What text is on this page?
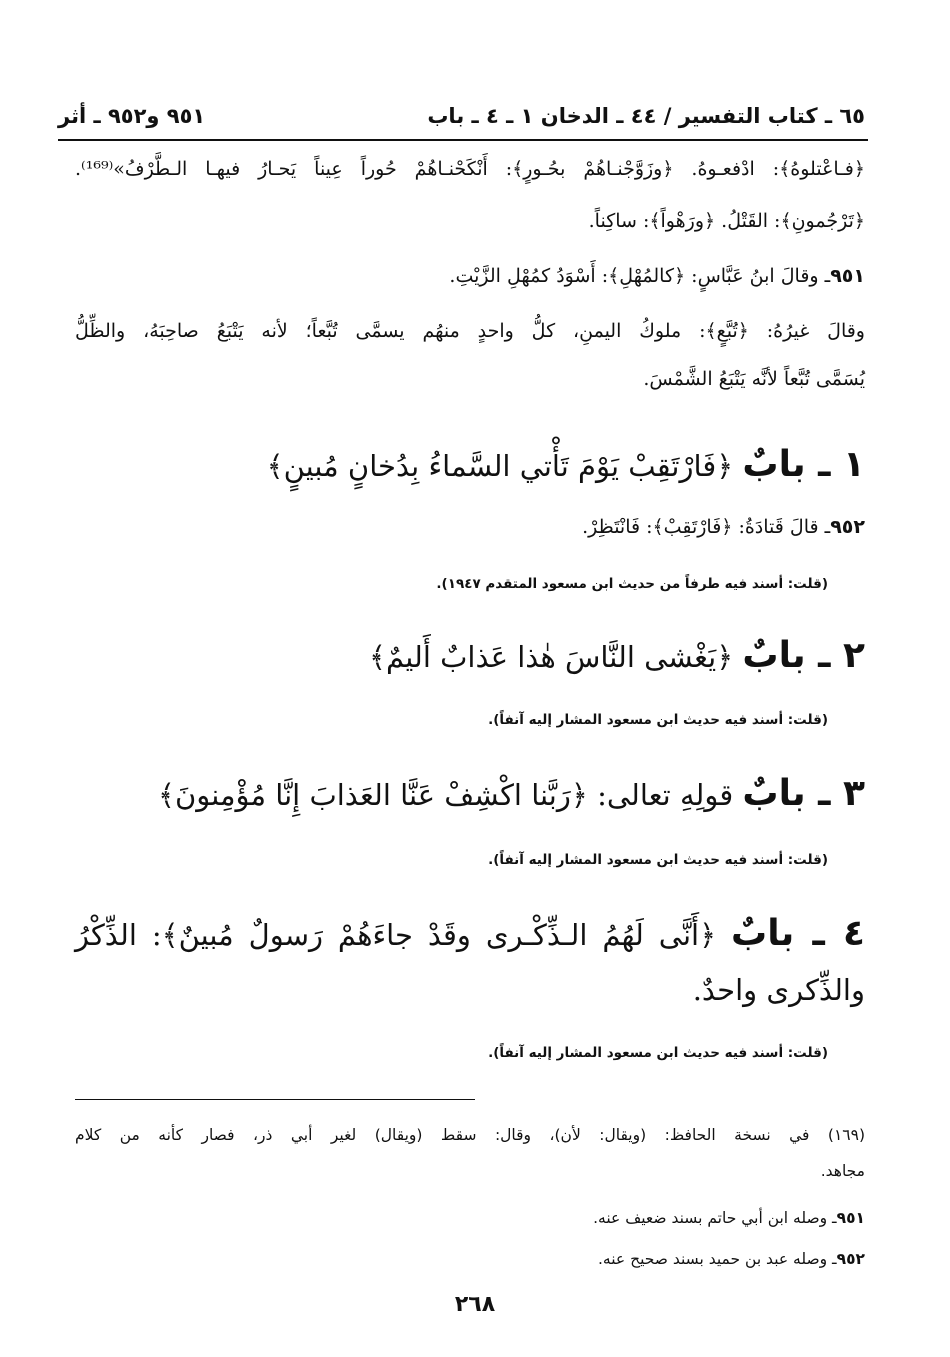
٦٥ ـ كتاب التفسير / ٤٤ ـ الدخان ١ ـ ٤ ـ باب
٩٥١ و٩٥٢ ـ أثر
﴿فـاعْتلوهُ﴾: ادْفعـوهُ. ﴿وزَوَّجْنـاهُمْ بحُـورٍ﴾: أَنْكَحْنـاهُمْ حُوراً عِيناً يَحـارُ فيهـا الـطَّرْفُ»⁽¹⁶⁹⁾.
﴿تَرْجُمونِ﴾: القَتْلُ. ﴿ورَهْواً﴾: ساكِناً.
٩٥١ـ وقالَ ابنُ عَبَّاسٍ: ﴿كالمُهْلِ﴾: أَسْوَدُ كمُهْلِ الزَّيْتِ.
وقالَ غيرُهُ: ﴿تُبَّعٍ﴾: ملوكُ اليمنِ، كلُّ واحدٍ منهُم يسمَّى تُبَّعاً؛ لأنه يَتْبَعُ صاحِبَهُ، والظِّلُّ
يُسَمَّى تُبَّعاً لأنَّه يَتْبَعُ الشَّمْسَ.
١ ـ بابٌ ﴿فَارْتَقِبْ يَوْمَ تَأْتي السَّماءُ بِدُخانٍ مُبينٍ﴾
٩٥٢ـ قالَ قَتادَةُ: ﴿فَارْتَقِبْ﴾: فَانْتَظِرْ.
(قلت: أسند فيه طرفاً من حديث ابن مسعود المتقدم ١٩٤٧).
٢ ـ بابٌ ﴿يَغْشى النَّاسَ هٰذا عَذابٌ أَليمٌ﴾
(قلت: أسند فيه حديث ابن مسعود المشار إليه آنفاً).
٣ ـ بابٌ قولِهِ تعالى: ﴿رَبَّنا اكْشِفْ عَنَّا العَذابَ إِنَّا مُؤْمِنونَ﴾
(قلت: أسند فيه حديث ابن مسعود المشار إليه آنفاً).
٤ ـ بابٌ ﴿أَنَّى لَهُمُ الـذِّكْـرى وقَدْ جاءَهُمْ رَسولٌ مُبينٌ﴾: الذِّكْرُ
والذِّكرى واحدٌ.
(قلت: أسند فيه حديث ابن مسعود المشار إليه آنفاً).
(١٦٩) في نسخة الحافظ: (ويقال: لأن)، وقال: سقط (ويقال) لغير أبي ذر، فصار كأنه من كلام
مجاهد.
٩٥١ـ وصله ابن أبي حاتم بسند ضعيف عنه.
٩٥٢ـ وصله عبد بن حميد بسند صحيح عنه.
٢٦٨
